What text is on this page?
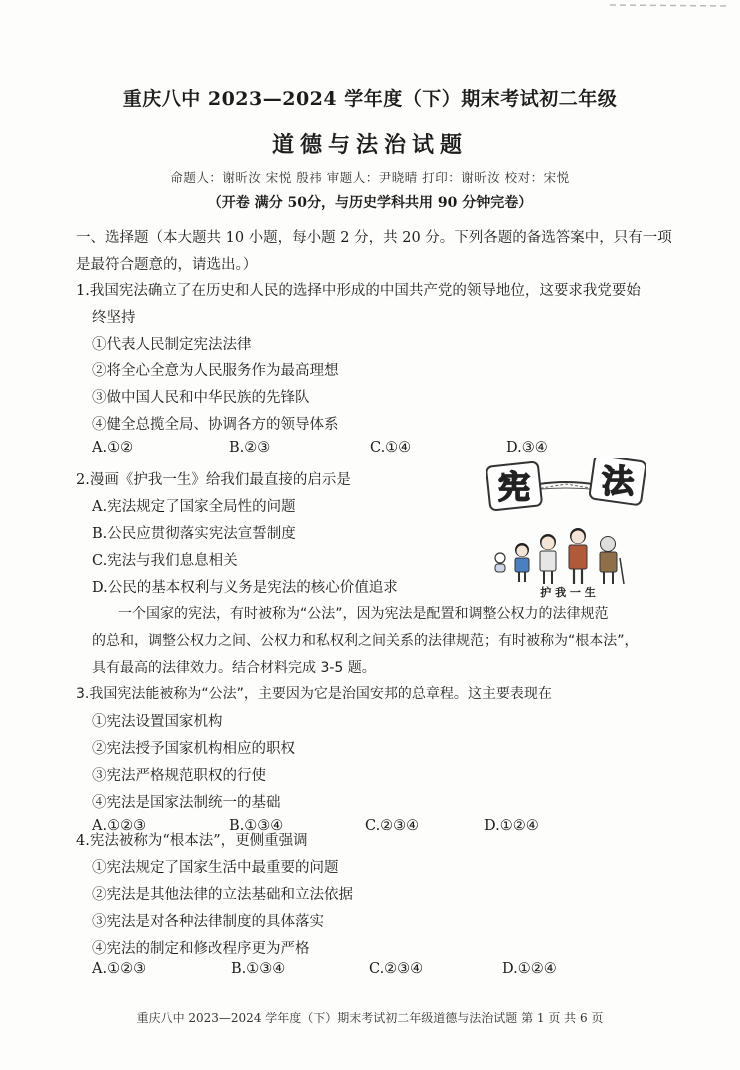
重庆八中 2023—2024 学年度（下）期末考试初二年级
道德与法治试题
命题人：谢昕汝 宋悦 殷祎 审题人：尹晓晴 打印：谢昕汝 校对：宋悦
（开卷 满分 50分，与历史学科共用 90 分钟完卷）
一、选择题（本大题共 10 小题，每小题 2 分，共 20 分。下列各题的备选答案中，只有一项
是最符合题意的，请选出。）
1.我国宪法确立了在历史和人民的选择中形成的中国共产党的领导地位，这要求我党要始
终坚持
①代表人民制定宪法法律
②将全心全意为人民服务作为最高理想
③做中国人民和中华民族的先锋队
④健全总揽全局、协调各方的领导体系
A.①②	B.②③	C.①④	D.③④
2.漫画《护我一生》给我们最直接的启示是
A.宪法规定了国家全局性的问题
B.公民应贯彻落实宪法宣誓制度
C.宪法与我们息息相关
D.公民的基本权利与义务是宪法的核心价值追求
宪 法
护 我 一 生
一个国家的宪法，有时被称为“公法”，因为宪法是配置和调整公权力的法律规范
的总和，调整公权力之间、公权力和私权利之间关系的法律规范；有时被称为“根本法”，
具有最高的法律效力。结合材料完成 3-5 题。
3.我国宪法能被称为“公法”，主要因为它是治国安邦的总章程。这主要表现在
①宪法设置国家机构
②宪法授予国家机构相应的职权
③宪法严格规范职权的行使
④宪法是国家法制统一的基础
A.①②③	B.①③④	C.②③④	D.①②④
4.宪法被称为“根本法”，更侧重强调
①宪法规定了国家生活中最重要的问题
②宪法是其他法律的立法基础和立法依据
③宪法是对各种法律制度的具体落实
④宪法的制定和修改程序更为严格
A.①②③	B.①③④	C.②③④	D.①②④
重庆八中 2023—2024 学年度（下）期末考试初二年级道德与法治试题 第 1 页 共 6 页
